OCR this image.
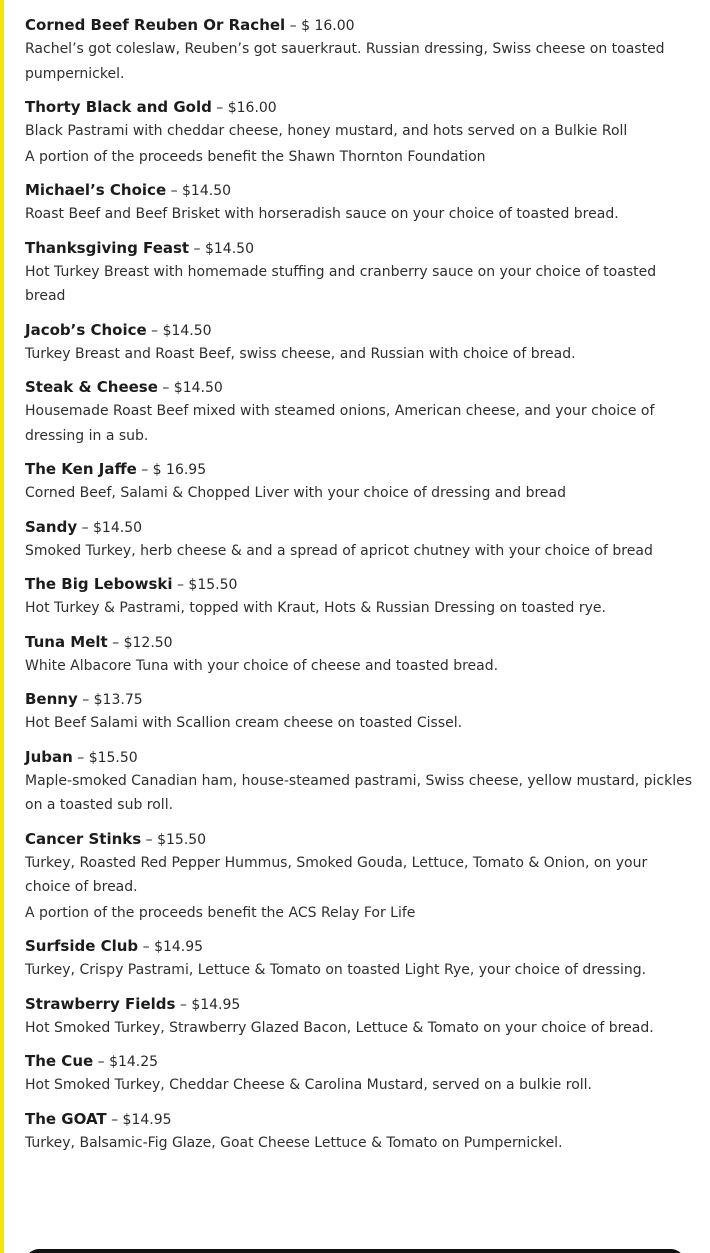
Corned Beef Reuben Or Rachel – $ 16.00
Rachel’s got coleslaw, Reuben’s got sauerkraut. Russian dressing, Swiss cheese on toasted pumpernickel.
Thorty Black and Gold – $16.00
Black Pastrami with cheddar cheese, honey mustard, and hots served on a Bulkie Roll
A portion of the proceeds benefit the Shawn Thornton Foundation
Michael’s Choice – $14.50
Roast Beef and Beef Brisket with horseradish sauce on your choice of toasted bread.
Thanksgiving Feast – $14.50
Hot Turkey Breast with homemade stuffing and cranberry sauce on your choice of toasted bread
Jacob’s Choice – $14.50
Turkey Breast and Roast Beef, swiss cheese, and Russian with choice of bread.
Steak & Cheese – $14.50
Housemade Roast Beef mixed with steamed onions, American cheese, and your choice of dressing in a sub.
The Ken Jaffe – $ 16.95
Corned Beef, Salami & Chopped Liver with your choice of dressing and bread
Sandy – $14.50
Smoked Turkey, herb cheese & and a spread of apricot chutney with your choice of bread
The Big Lebowski – $15.50
Hot Turkey & Pastrami, topped with Kraut, Hots & Russian Dressing on toasted rye.
Tuna Melt – $12.50
White Albacore Tuna with your choice of cheese and toasted bread.
Benny – $13.75
Hot Beef Salami with Scallion cream cheese on toasted Cissel.
Juban – $15.50
Maple-smoked Canadian ham, house-steamed pastrami, Swiss cheese, yellow mustard, pickles on a toasted sub roll.
Cancer Stinks – $15.50
Turkey, Roasted Red Pepper Hummus, Smoked Gouda, Lettuce, Tomato & Onion, on your choice of bread.
A portion of the proceeds benefit the ACS Relay For Life
Surfside Club – $14.95
Turkey, Crispy Pastrami, Lettuce & Tomato on toasted Light Rye, your choice of dressing.
Strawberry Fields – $14.95
Hot Smoked Turkey, Strawberry Glazed Bacon, Lettuce & Tomato on your choice of bread.
The Cue – $14.25
Hot Smoked Turkey, Cheddar Cheese & Carolina Mustard, served on a bulkie roll.
The GOAT – $14.95
Turkey, Balsamic-Fig Glaze, Goat Cheese Lettuce & Tomato on Pumpernickel.
